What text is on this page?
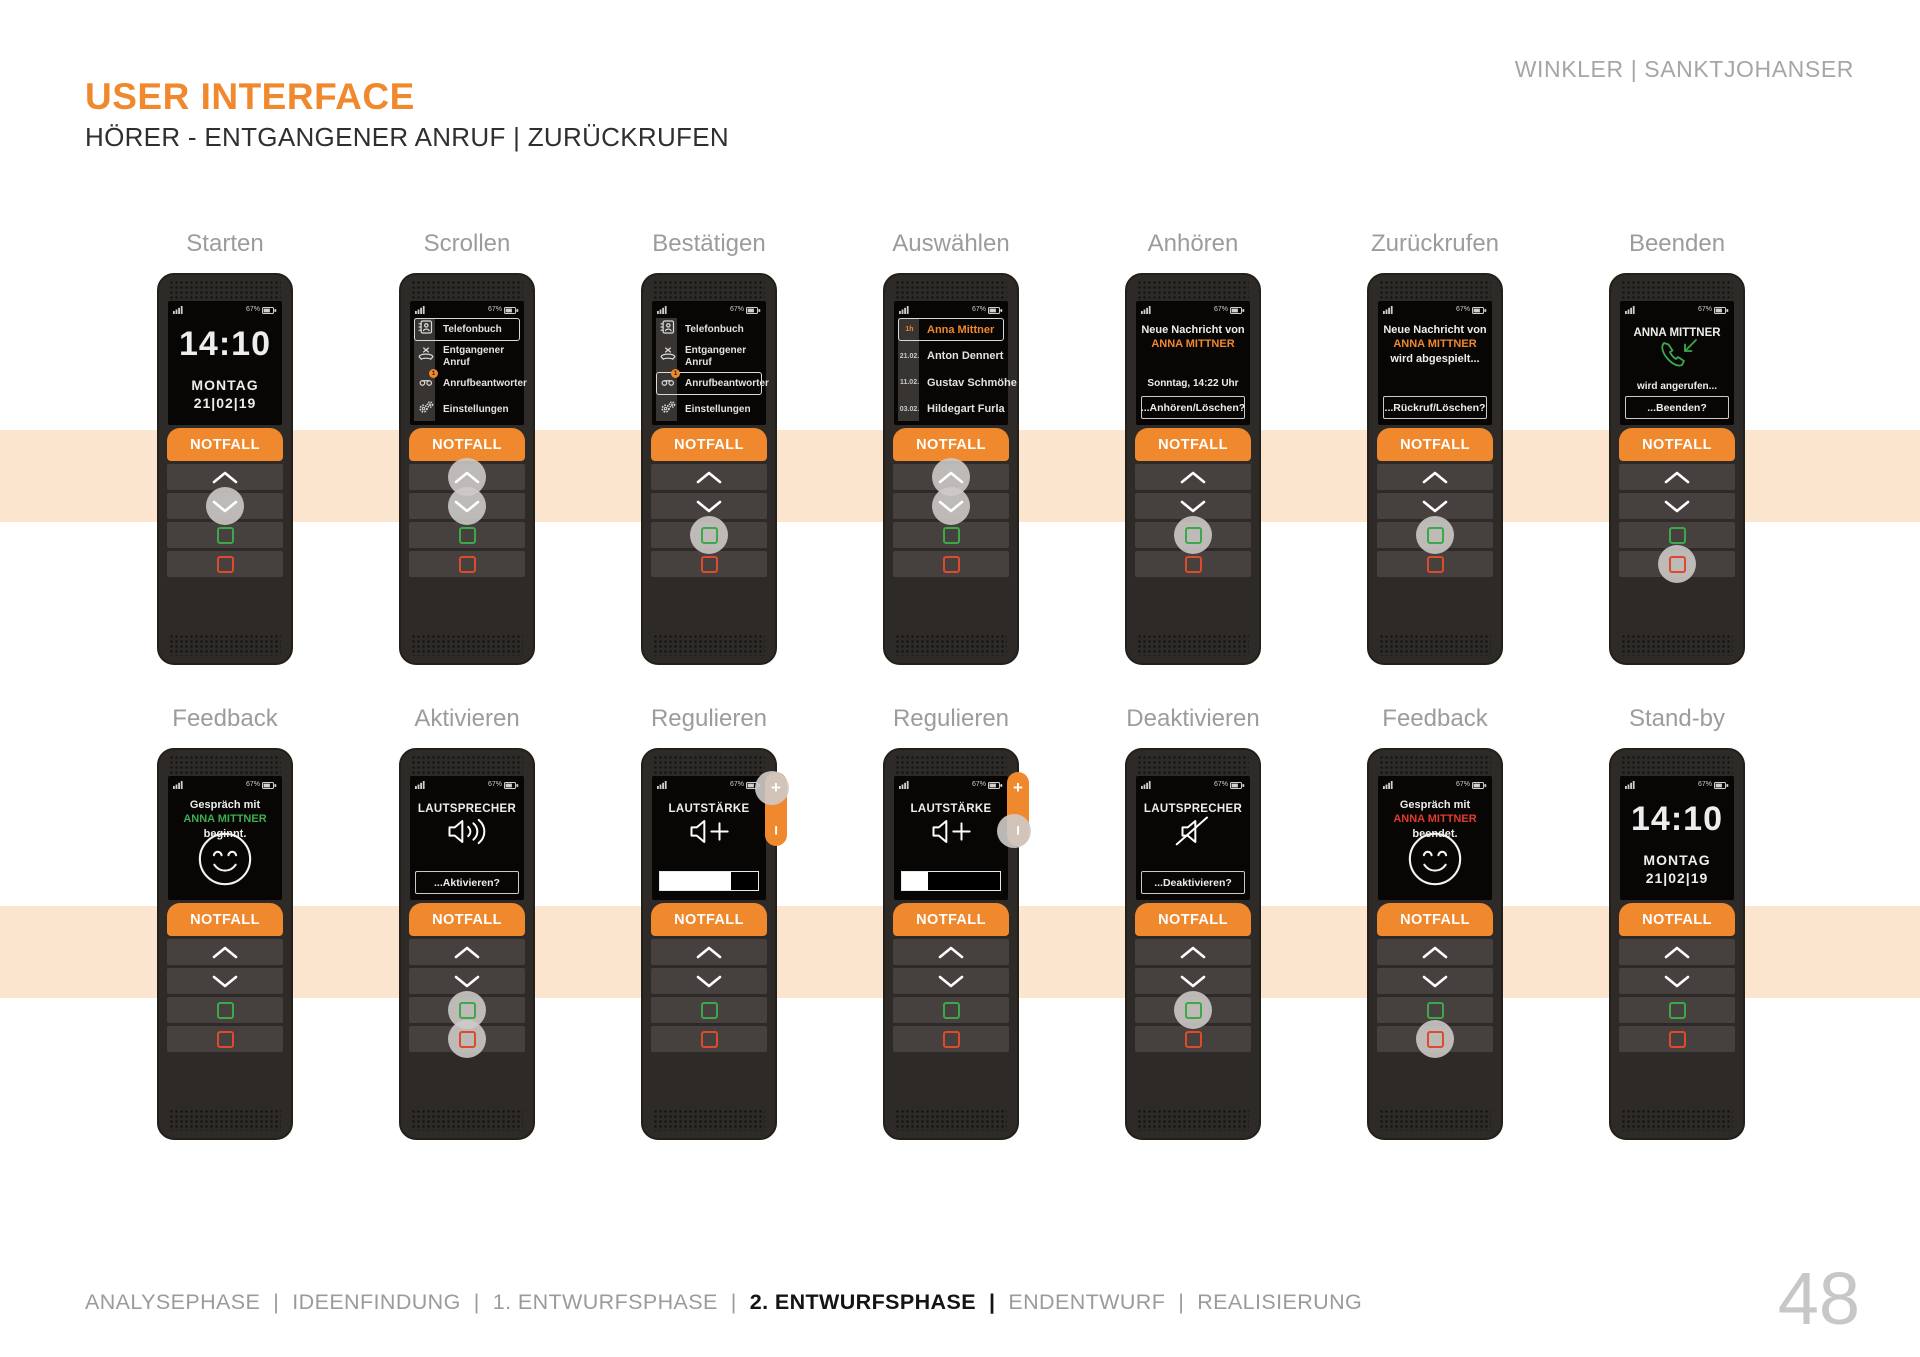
USER INTERFACE
HÖRER - ENTGANGENER ANRUF | ZURÜCKRUFEN
WINKLER | SANKTJOHANSER
Starten
67%
14:10
MONTAG
21|02|19
NOTFALL
Scrollen
67%
Telefonbuch
Entgangener Anruf
1
Anrufbeantworter
Einstellungen
NOTFALL
Bestätigen
67%
Telefonbuch
Entgangener Anruf
1
Anrufbeantworter
Einstellungen
NOTFALL
Auswählen
67%
1h	Anna Mittner
21.02. Anton Dennert
11.02. Gustav Schmöhe
03.02. Hildegart Furla
NOTFALL
Anhören
67%
Neue Nachricht von
ANNA MITTNER
Sonntag, 14:22 Uhr
...Anhören/Löschen?
NOTFALL
Zurückrufen
67%
Neue Nachricht von
ANNA MITTNER
wird abgespielt...
...Rückruf/Löschen?
NOTFALL
Beenden
67%
ANNA MITTNER
wird angerufen...
...Beenden?
NOTFALL
Feedback
67%
Gespräch mit
ANNA MITTNER
beginnt.
NOTFALL
Aktivieren
67%
LAUTSPRECHER
...Aktivieren?
NOTFALL
Regulieren
67%
LAUTSTÄRKE
NOTFALL
+
−
Regulieren
67%
LAUTSTÄRKE
NOTFALL
+
−
Deaktivieren
67%
LAUTSPRECHER
...Deaktivieren?
NOTFALL
Feedback
67%
Gespräch mit
ANNA MITTNER
beendet.
NOTFALL
Stand-by
67%
14:10
MONTAG
21|02|19
NOTFALL
ANALYSEPHASE | IDEENFINDUNG | 1. ENTWURFSPHASE | 2. ENTWURFSPHASE | ENDENTWURF | REALISIERUNG	48
